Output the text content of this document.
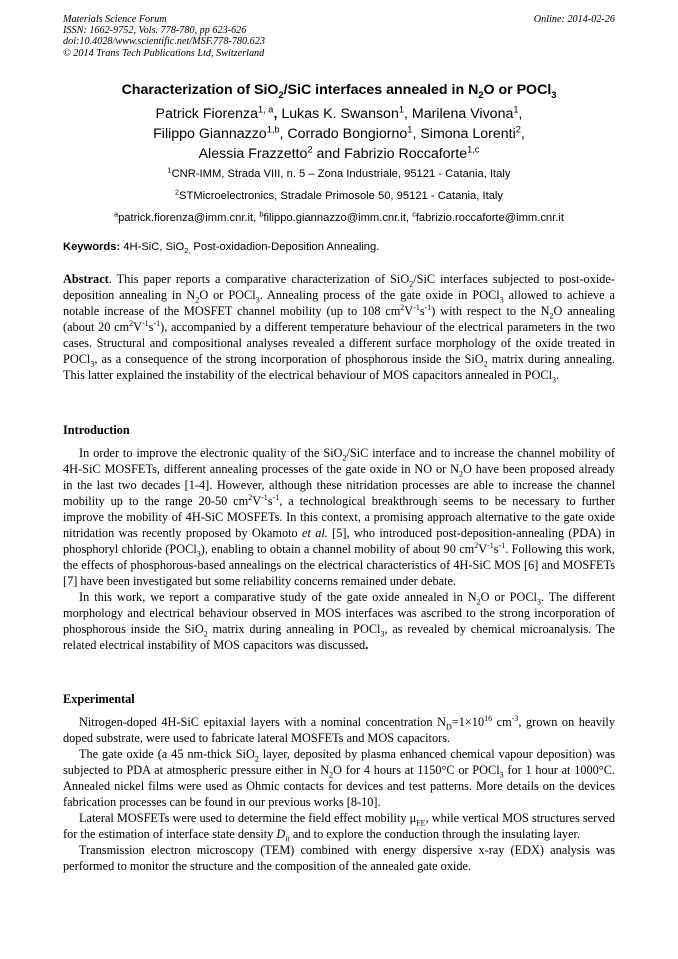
Materials Science Forum
ISSN: 1662-9752, Vols. 778-780, pp 623-626
doi:10.4028/www.scientific.net/MSF.778-780.623
© 2014 Trans Tech Publications Ltd, Switzerland
Online: 2014-02-26
Characterization of SiO$_2$/SiC interfaces annealed in $N_2O$ or POCl$_3$
Patrick Fiorenza$^{1, a}$, Lukas K. Swanson$^1$, Marilena Vivona$^1$,
Filippo Giannazzo$^{1,b}$, Corrado Bongiorno$^1$, Simona Lorenti$^2$,
Alessia Frazzetto$^2$ and Fabrizio Roccaforte$^{1,c}$
$^1$CNR-IMM, Strada VIII, n. 5 – Zona Industriale, 95121 - Catania, Italy
$^2$STMicroelectronics, Stradale Primosole 50, 95121 - Catania, Italy
$^a$patrick.fiorenza@imm.cnr.it, $^b$filippo.giannazzo@imm.cnr.it, $^c$fabrizio.roccaforte@imm.cnr.it
Keywords: 4H-SiC, SiO$_{2,}$ Post-oxidadion-Deposition Annealing.

Abstract. This paper reports a comparative characterization of SiO$_2$/SiC interfaces subjected to post-oxide-deposition annealing in $N_2O$ or POCl$_3$. Annealing process of the gate oxide in POCl$_3$ allowed to achieve a notable increase of the MOSFET channel mobility (up to 108 $cm^2V^{-1}s^{-1}$) with respect to the $N_2O$ annealing (about 20 $cm^2V^{-1}s^{-1}$), accompanied by a different temperature behaviour of the electrical parameters in the two cases. Structural and compositional analyses revealed a different surface morphology of the oxide treated in POCl$_3$, as a consequence of the strong incorporation of phosphorous inside the SiO$_2$ matrix during annealing. This latter explained the instability of the electrical behaviour of MOS capacitors annealed in POCl$_3$.

Introduction

In order to improve the electronic quality of the SiO$_2$/SiC interface and to increase the channel mobility of 4H-SiC MOSFETs, different annealing processes of the gate oxide in NO or $N_2O$ have been proposed already in the last two decades [1-4]. However, although these nitridation processes are able to increase the channel mobility up to the range 20-50 $cm^2V^{-1}s^{-1}$, a technological breakthrough seems to be necessary to further improve the mobility of 4H-SiC MOSFETs. In this context, a promising approach alternative to the gate oxide nitridation was recently proposed by Okamoto et al. [5], who introduced post-deposition-annealing (PDA) in phosphoryl chloride (POCl$_3$), enabling to obtain a channel mobility of about 90 $cm^2V^{-1}s^{-1}$. Following this work, the effects of phosphorous-based annealings on the electrical characteristics of 4H-SiC MOS [6] and MOSFETs [7] have been investigated but some reliability concerns remained under debate.

In this work, we report a comparative study of the gate oxide annealed in $N_2O$ or POCl$_3$. The different morphology and electrical behaviour observed in MOS interfaces was ascribed to the strong incorporation of phosphorous inside the SiO$_2$ matrix during annealing in POCl$_3$, as revealed by chemical microanalysis. The related electrical instability of MOS capacitors was discussed.

Experimental

Nitrogen-doped 4H-SiC epitaxial layers with a nominal concentration $N_D=1\times 10^{16}$ $cm^{-3}$, grown on heavily doped substrate, were used to fabricate lateral MOSFETs and MOS capacitors.

The gate oxide (a 45 nm-thick SiO$_2$ layer, deposited by plasma enhanced chemical vapour deposition) was subjected to PDA at atmospheric pressure either in $N_2O$ for 4 hours at 1150°C or POCl$_3$ for 1 hour at 1000°C. Annealed nickel films were used as Ohmic contacts for devices and test patterns. More details on the devices fabrication processes can be found in our previous works [8-10].

Lateral MOSFETs were used to determine the field effect mobility $\mu_{FE}$, while vertical MOS structures served for the estimation of interface state density $D_{it}$ and to explore the conduction through the insulating layer.

Transmission electron microscopy (TEM) combined with energy dispersive x-ray (EDX) analysis was performed to monitor the structure and the composition of the annealed gate oxide.
